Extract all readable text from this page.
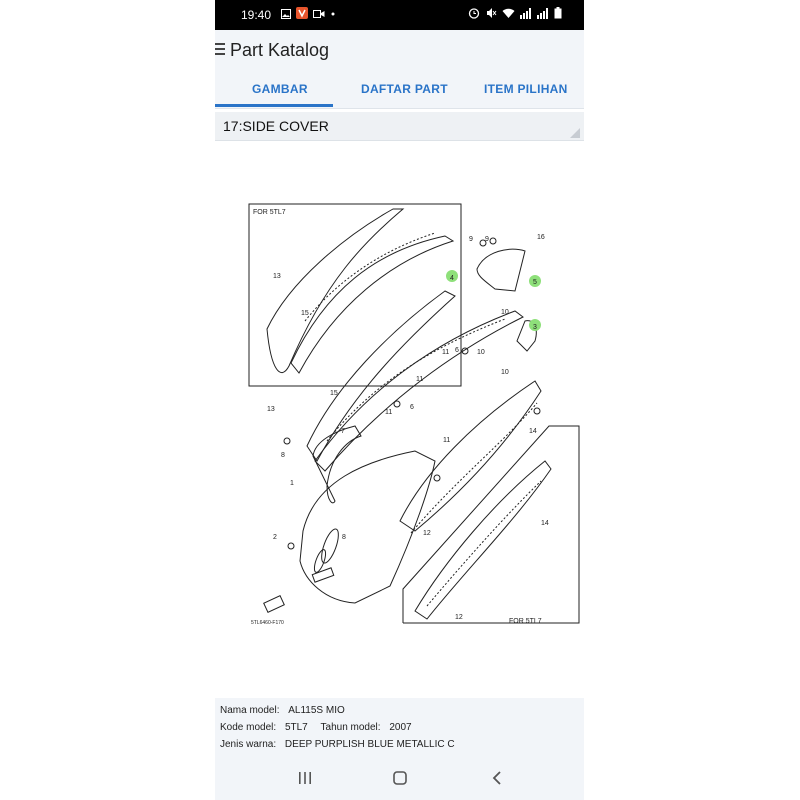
19:40
Part Katalog
GAMBAR	DAFTAR PART	ITEM PILIHAN
17:SIDE COVER
FOR 5TL7
FOR 5TL7
5TL6460-F170
13
15
13
15
1
2
3
4
5
6
6
7
8
8
9 9
10
10
10
11
11
11
11
12
12
14
14
16
Nama model: AL115S MIO
Kode model: 5TL7 Tahun model: 2007
Jenis warna: DEEP PURPLISH BLUE METALLIC C
